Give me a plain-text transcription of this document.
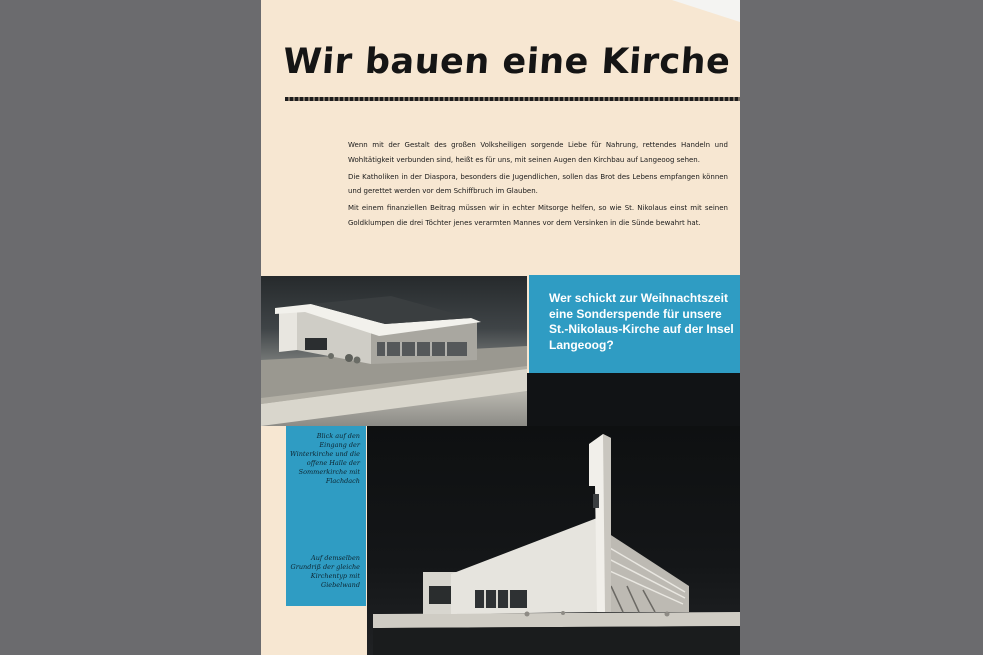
Wir bauen eine Kirche

Wenn mit der Gestalt des großen Volksheiligen sorgende Liebe für Nahrung, rettendes Handeln und Wohltätigkeit verbunden sind, heißt es für uns, mit seinen Augen den Kirchbau auf Langeoog sehen.

Die Katholiken in der Diaspora, besonders die Jugendlichen, sollen das Brot des Lebens empfangen können und gerettet werden vor dem Schiffbruch im Glauben.

Mit einem finanziellen Beitrag müssen wir in echter Mitsorge helfen, so wie St. Nikolaus einst mit seinen Goldklumpen die drei Töchter jenes verarmten Mannes vor dem Versinken in die Sünde bewahrt hat.

Wer schickt zur Weihnachtszeit eine Sonderspende für unsere St.-Nikolaus-Kirche auf der Insel Langeoog?
Blick auf den Eingang der Winterkirche und die offene Halle der Sommerkirche mit Flachdach
Auf demselben Grundriß der gleiche Kirchentyp mit Giebelwand
